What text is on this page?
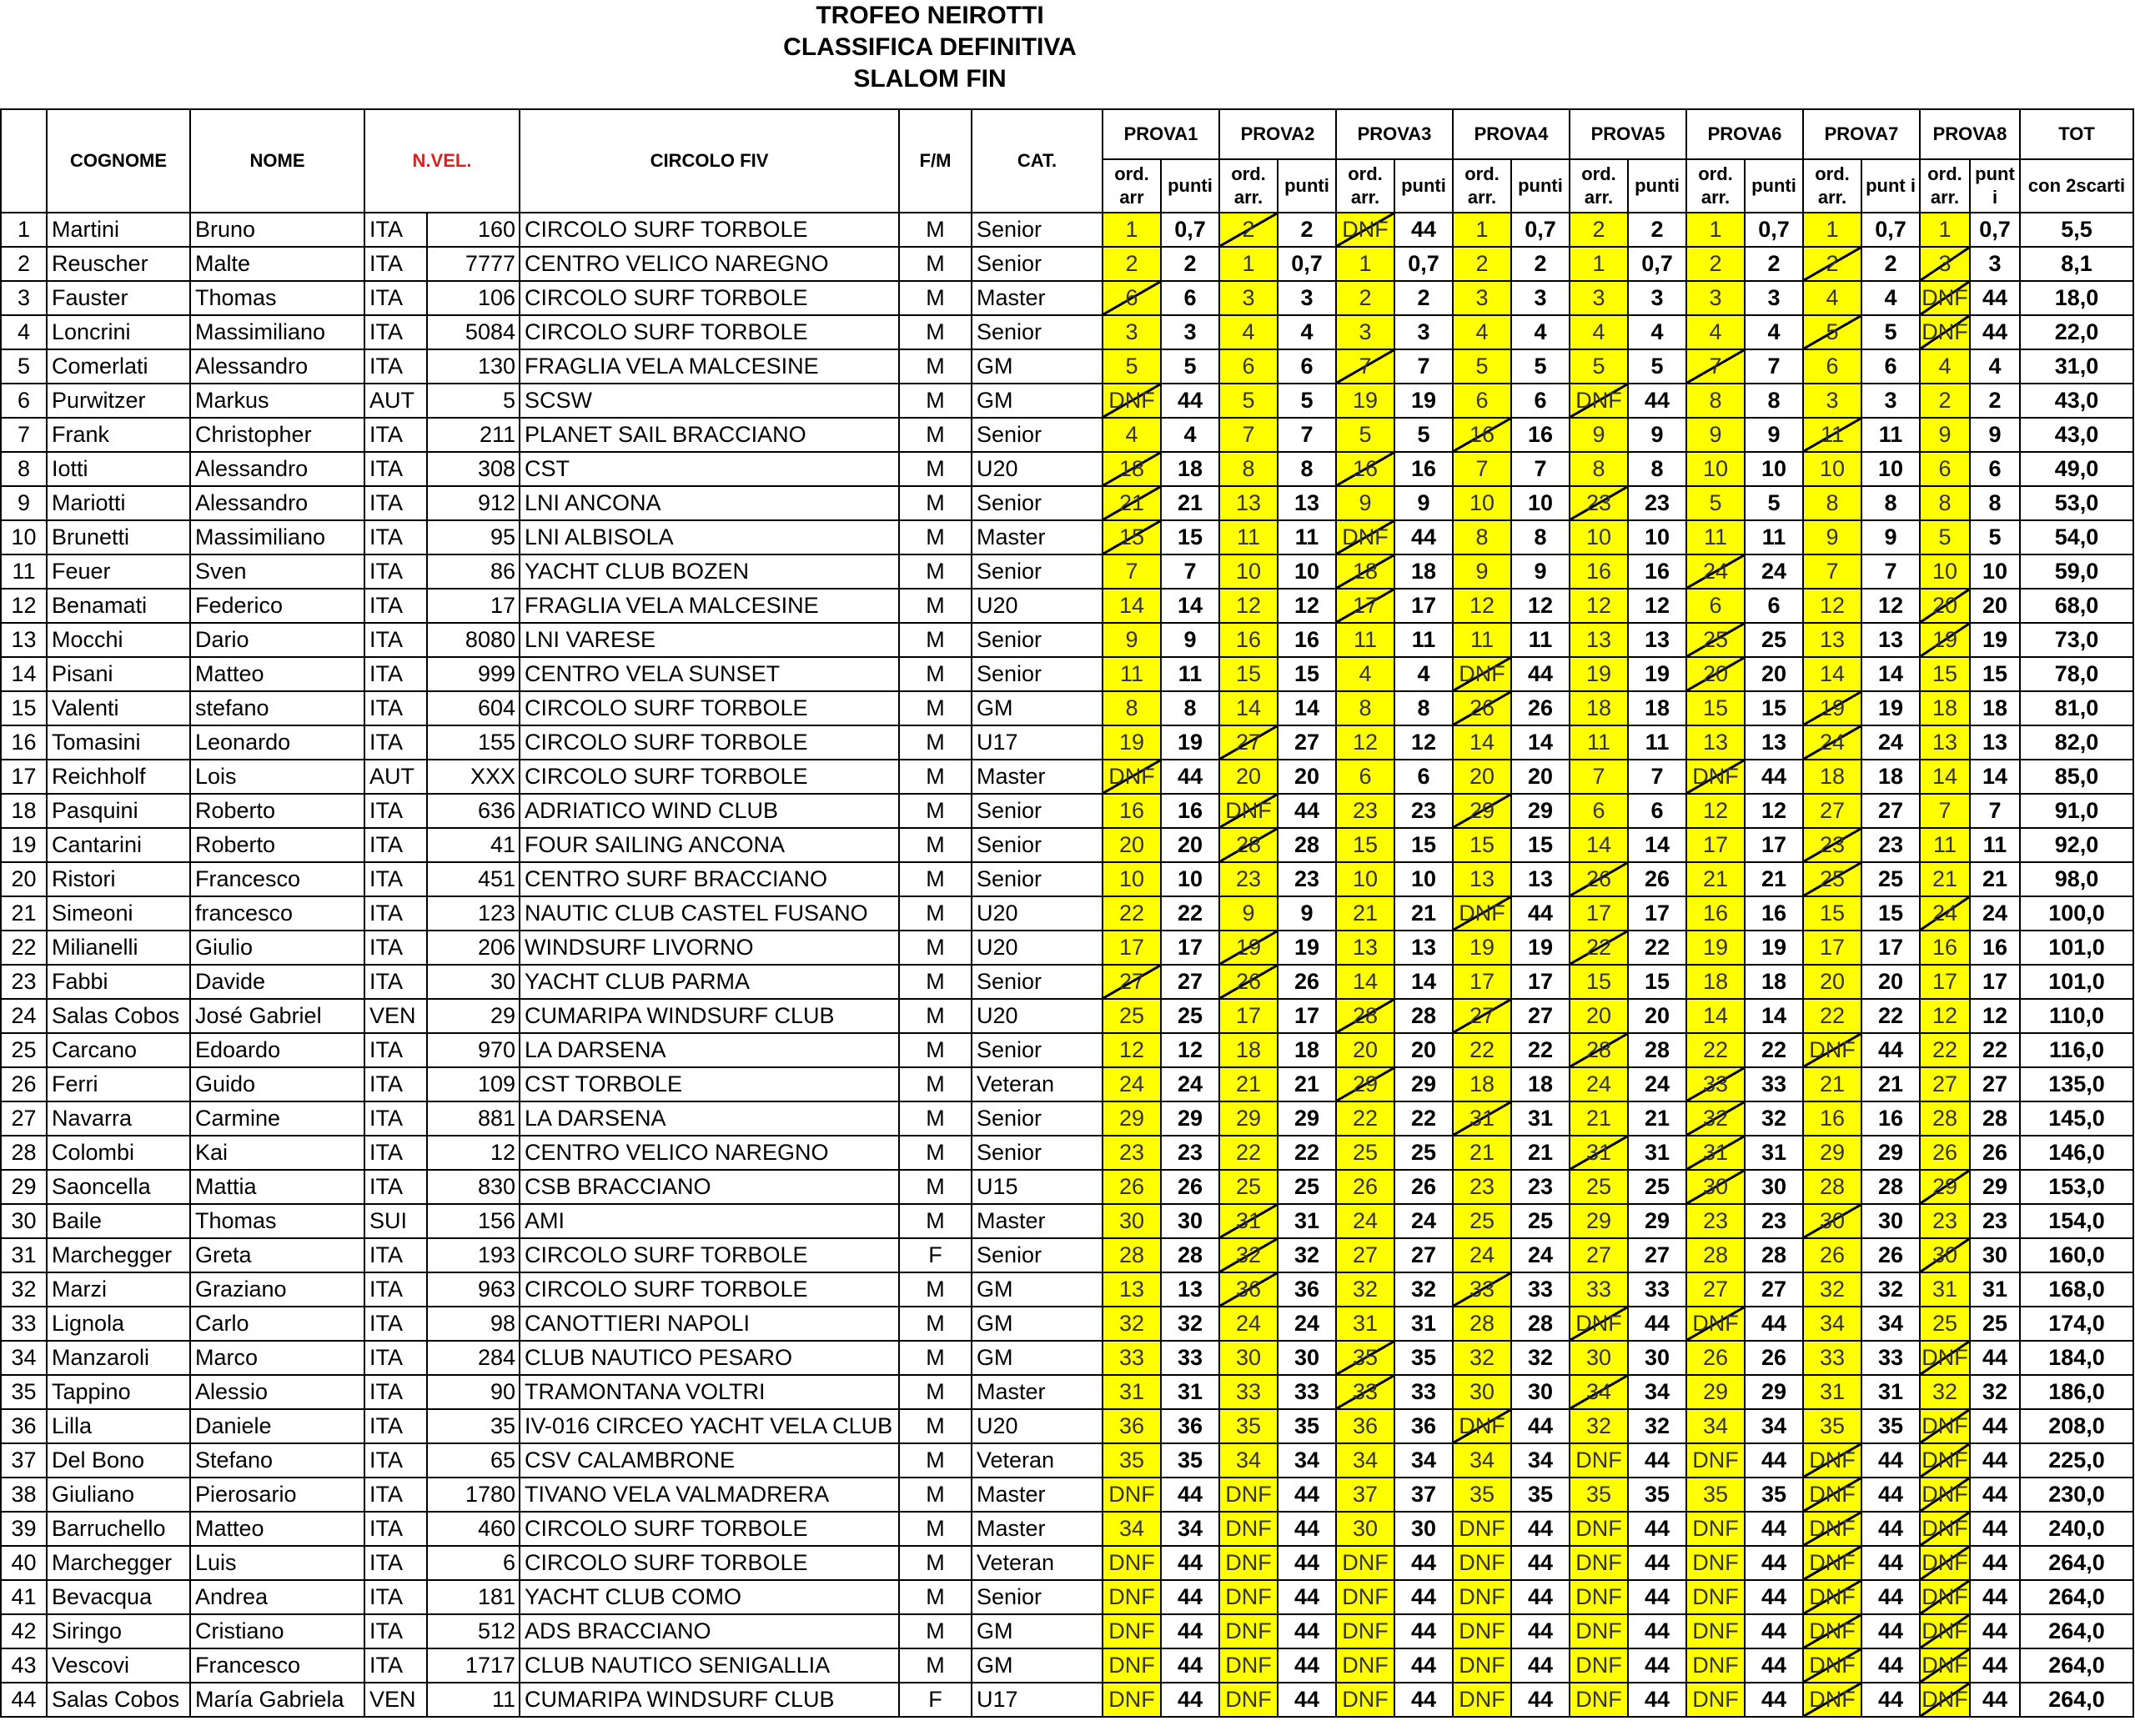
TROFEO NEIROTTI
CLASSIFICA DEFINITIVA
SLALOM FIN
	COGNOME	NOME	N.VEL.		CIRCOLO FIV	F/M	CAT.	PROVA1		PROVA2		PROVA3		PROVA4		PROVA5		PROVA6		PROVA7		PROVA8		TOT
								ord. arr	punti	ord. arr.	punti	ord. arr.	punti	ord. arr.	punti	ord. arr.	punti	ord. arr.	punti	ord. arr.	punt i	ord. arr.	punt i	con 2scarti
1	Martini	Bruno	ITA	160	CIRCOLO SURF TORBOLE	M	Senior	1	0,7	2	2	DNF	44	1	0,7	2	2	1	0,7	1	0,7	1	0,7	5,5
2	Reuscher	Malte	ITA	7777	CENTRO VELICO NAREGNO	M	Senior	2	2	1	0,7	1	0,7	2	2	1	0,7	2	2	2	2	3	3	8,1
3	Fauster	Thomas	ITA	106	CIRCOLO SURF TORBOLE	M	Master	6	6	3	3	2	2	3	3	3	3	3	3	4	4	DNF	44	18,0
4	Loncrini	Massimiliano	ITA	5084	CIRCOLO SURF TORBOLE	M	Senior	3	3	4	4	3	3	4	4	4	4	4	4	5	5	DNF	44	22,0
5	Comerlati	Alessandro	ITA	130	FRAGLIA VELA MALCESINE	M	GM	5	5	6	6	7	7	5	5	5	5	7	7	6	6	4	4	31,0
6	Purwitzer	Markus	AUT	5	SCSW	M	GM	DNF	44	5	5	19	19	6	6	DNF	44	8	8	3	3	2	2	43,0
7	Frank	Christopher	ITA	211	PLANET SAIL BRACCIANO	M	Senior	4	4	7	7	5	5	16	16	9	9	9	9	11	11	9	9	43,0
8	Iotti	Alessandro	ITA	308	CST	M	U20	18	18	8	8	16	16	7	7	8	8	10	10	10	10	6	6	49,0
9	Mariotti	Alessandro	ITA	912	LNI ANCONA	M	Senior	21	21	13	13	9	9	10	10	23	23	5	5	8	8	8	8	53,0
10	Brunetti	Massimiliano	ITA	95	LNI ALBISOLA	M	Master	15	15	11	11	DNF	44	8	8	10	10	11	11	9	9	5	5	54,0
11	Feuer	Sven	ITA	86	YACHT CLUB BOZEN	M	Senior	7	7	10	10	18	18	9	9	16	16	24	24	7	7	10	10	59,0
12	Benamati	Federico	ITA	17	FRAGLIA VELA MALCESINE	M	U20	14	14	12	12	17	17	12	12	12	12	6	6	12	12	20	20	68,0
13	Mocchi	Dario	ITA	8080	LNI VARESE	M	Senior	9	9	16	16	11	11	11	11	13	13	25	25	13	13	19	19	73,0
14	Pisani	Matteo	ITA	999	CENTRO VELA SUNSET	M	Senior	11	11	15	15	4	4	DNF	44	19	19	20	20	14	14	15	15	78,0
15	Valenti	stefano	ITA	604	CIRCOLO SURF TORBOLE	M	GM	8	8	14	14	8	8	26	26	18	18	15	15	19	19	18	18	81,0
16	Tomasini	Leonardo	ITA	155	CIRCOLO SURF TORBOLE	M	U17	19	19	27	27	12	12	14	14	11	11	13	13	24	24	13	13	82,0
17	Reichholf	Lois	AUT	XXX	CIRCOLO SURF TORBOLE	M	Master	DNF	44	20	20	6	6	20	20	7	7	DNF	44	18	18	14	14	85,0
18	Pasquini	Roberto	ITA	636	ADRIATICO WIND CLUB	M	Senior	16	16	DNF	44	23	23	29	29	6	6	12	12	27	27	7	7	91,0
19	Cantarini	Roberto	ITA	41	FOUR SAILING ANCONA	M	Senior	20	20	28	28	15	15	15	15	14	14	17	17	23	23	11	11	92,0
20	Ristori	Francesco	ITA	451	CENTRO SURF BRACCIANO	M	Senior	10	10	23	23	10	10	13	13	26	26	21	21	25	25	21	21	98,0
21	Simeoni	francesco	ITA	123	NAUTIC CLUB CASTEL FUSANO	M	U20	22	22	9	9	21	21	DNF	44	17	17	16	16	15	15	24	24	100,0
22	Milianelli	Giulio	ITA	206	WINDSURF LIVORNO	M	U20	17	17	19	19	13	13	19	19	22	22	19	19	17	17	16	16	101,0
23	Fabbi	Davide	ITA	30	YACHT CLUB PARMA	M	Senior	27	27	26	26	14	14	17	17	15	15	18	18	20	20	17	17	101,0
24	Salas Cobos	José Gabriel	VEN	29	CUMARIPA WINDSURF CLUB	M	U20	25	25	17	17	28	28	27	27	20	20	14	14	22	22	12	12	110,0
25	Carcano	Edoardo	ITA	970	LA DARSENA	M	Senior	12	12	18	18	20	20	22	22	28	28	22	22	DNF	44	22	22	116,0
26	Ferri	Guido	ITA	109	CST TORBOLE	M	Veteran	24	24	21	21	29	29	18	18	24	24	33	33	21	21	27	27	135,0
27	Navarra	Carmine	ITA	881	LA DARSENA	M	Senior	29	29	29	29	22	22	31	31	21	21	32	32	16	16	28	28	145,0
28	Colombi	Kai	ITA	12	CENTRO VELICO NAREGNO	M	Senior	23	23	22	22	25	25	21	21	31	31	31	31	29	29	26	26	146,0
29	Saoncella	Mattia	ITA	830	CSB BRACCIANO	M	U15	26	26	25	25	26	26	23	23	25	25	30	30	28	28	29	29	153,0
30	Baile	Thomas	SUI	156	AMI	M	Master	30	30	31	31	24	24	25	25	29	29	23	23	30	30	23	23	154,0
31	Marchegger	Greta	ITA	193	CIRCOLO SURF TORBOLE	F	Senior	28	28	32	32	27	27	24	24	27	27	28	28	26	26	30	30	160,0
32	Marzi	Graziano	ITA	963	CIRCOLO SURF TORBOLE	M	GM	13	13	36	36	32	32	33	33	33	33	27	27	32	32	31	31	168,0
33	Lignola	Carlo	ITA	98	CANOTTIERI NAPOLI	M	GM	32	32	24	24	31	31	28	28	DNF	44	DNF	44	34	34	25	25	174,0
34	Manzaroli	Marco	ITA	284	CLUB NAUTICO PESARO	M	GM	33	33	30	30	35	35	32	32	30	30	26	26	33	33	DNF	44	184,0
35	Tappino	Alessio	ITA	90	TRAMONTANA VOLTRI	M	Master	31	31	33	33	33	33	30	30	34	34	29	29	31	31	32	32	186,0
36	Lilla	Daniele	ITA	35	IV-016 CIRCEO YACHT VELA CLUB	M	U20	36	36	35	35	36	36	DNF	44	32	32	34	34	35	35	DNF	44	208,0
37	Del Bono	Stefano	ITA	65	CSV CALAMBRONE	M	Veteran	35	35	34	34	34	34	34	34	DNF	44	DNF	44	DNF	44	DNF	44	225,0
38	Giuliano	Pierosario	ITA	1780	TIVANO VELA VALMADRERA	M	Master	DNF	44	DNF	44	37	37	35	35	35	35	35	35	DNF	44	DNF	44	230,0
39	Barruchello	Matteo	ITA	460	CIRCOLO SURF TORBOLE	M	Master	34	34	DNF	44	30	30	DNF	44	DNF	44	DNF	44	DNF	44	DNF	44	240,0
40	Marchegger	Luis	ITA	6	CIRCOLO SURF TORBOLE	M	Veteran	DNF	44	DNF	44	DNF	44	DNF	44	DNF	44	DNF	44	DNF	44	DNF	44	264,0
41	Bevacqua	Andrea	ITA	181	YACHT CLUB COMO	M	Senior	DNF	44	DNF	44	DNF	44	DNF	44	DNF	44	DNF	44	DNF	44	DNF	44	264,0
42	Siringo	Cristiano	ITA	512	ADS BRACCIANO	M	GM	DNF	44	DNF	44	DNF	44	DNF	44	DNF	44	DNF	44	DNF	44	DNF	44	264,0
43	Vescovi	Francesco	ITA	1717	CLUB NAUTICO SENIGALLIA	M	GM	DNF	44	DNF	44	DNF	44	DNF	44	DNF	44	DNF	44	DNF	44	DNF	44	264,0
44	Salas Cobos	María Gabriela	VEN	11	CUMARIPA WINDSURF CLUB	F	U17	DNF	44	DNF	44	DNF	44	DNF	44	DNF	44	DNF	44	DNF	44	DNF	44	264,0
